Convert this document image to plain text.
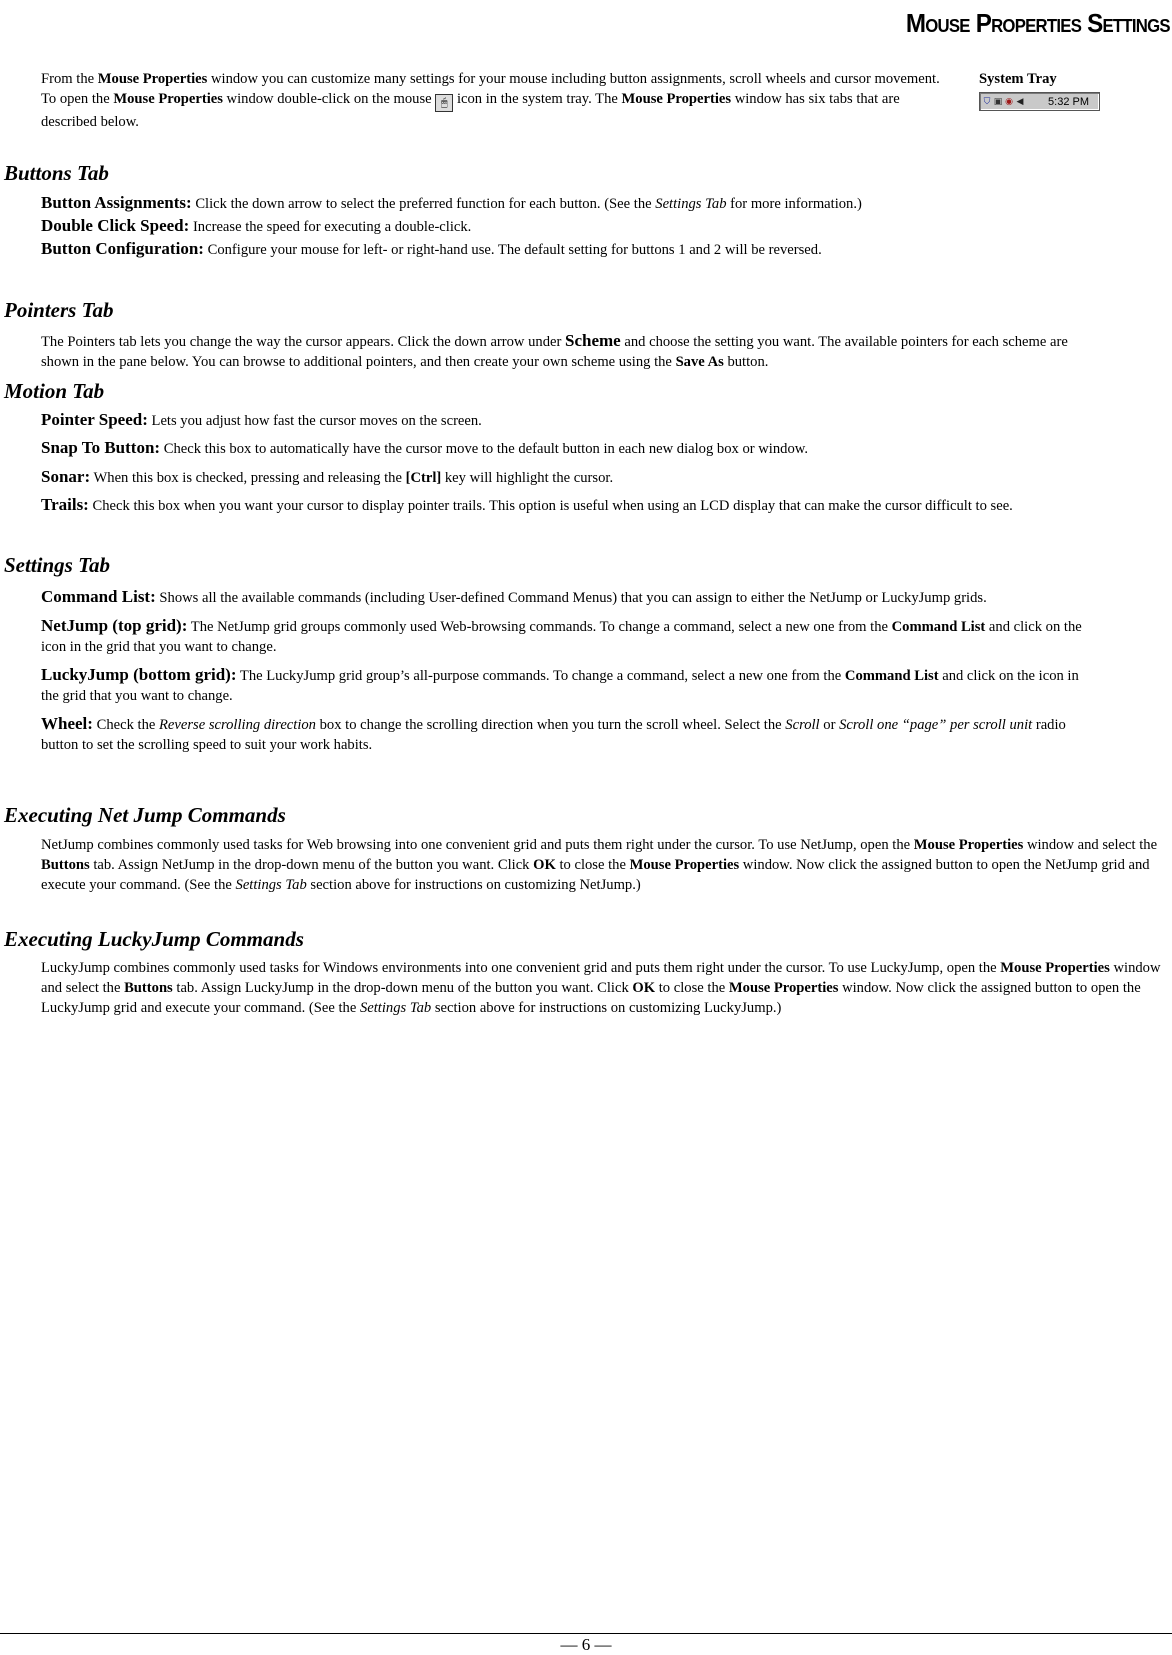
Mouse Properties Settings
From the Mouse Properties window you can customize many settings for your mouse including button assignments, scroll wheels and cursor movement. To open the Mouse Properties window double-click on the mouse 🖱 icon in the system tray. The Mouse Properties window has six tabs that are described below.
System Tray
⛉ ▣ ◉ ◀ 5:32 PM
Buttons Tab

Button Assignments: Click the down arrow to select the preferred function for each button. (See the Settings Tab for more information.)

Double Click Speed: Increase the speed for executing a double-click.

Button Configuration: Configure your mouse for left- or right-hand use. The default setting for buttons 1 and 2 will be reversed.

Pointers Tab
The Pointers tab lets you change the way the cursor appears. Click the down arrow under Scheme and choose the setting you want. The available pointers for each scheme are shown in the pane below. You can browse to additional pointers, and then create your own scheme using the Save As button.
Motion Tab

Pointer Speed: Lets you adjust how fast the cursor moves on the screen.

Snap To Button: Check this box to automatically have the cursor move to the default button in each new dialog box or window.

Sonar: When this box is checked, pressing and releasing the [Ctrl] key will highlight the cursor.

Trails: Check this box when you want your cursor to display pointer trails. This option is useful when using an LCD display that can make the cursor difficult to see.

Settings Tab

Command List: Shows all the available commands (including User-defined Command Menus) that you can assign to either the NetJump or LuckyJump grids.

NetJump (top grid): The NetJump grid groups commonly used Web-browsing commands. To change a command, select a new one from the Command List and click on the icon in the grid that you want to change.

LuckyJump (bottom grid): The LuckyJump grid group’s all-purpose commands. To change a command, select a new one from the Command List and click on the icon in the grid that you want to change.

Wheel: Check the Reverse scrolling direction box to change the scrolling direction when you turn the scroll wheel. Select the Scroll or Scroll one “page” per scroll unit radio button to set the scrolling speed to suit your work habits.

Executing Net Jump Commands
NetJump combines commonly used tasks for Web browsing into one convenient grid and puts them right under the cursor. To use NetJump, open the Mouse Properties window and select the Buttons tab. Assign NetJump in the drop-down menu of the button you want. Click OK to close the Mouse Properties window. Now click the assigned button to open the NetJump grid and execute your command. (See the Settings Tab section above for instructions on customizing NetJump.)
Executing LuckyJump Commands
LuckyJump combines commonly used tasks for Windows environments into one convenient grid and puts them right under the cursor. To use LuckyJump, open the Mouse Properties window and select the Buttons tab. Assign LuckyJump in the drop-down menu of the button you want. Click OK to close the Mouse Properties window. Now click the assigned button to open the LuckyJump grid and execute your command. (See the Settings Tab section above for instructions on customizing LuckyJump.)
— 6 —
